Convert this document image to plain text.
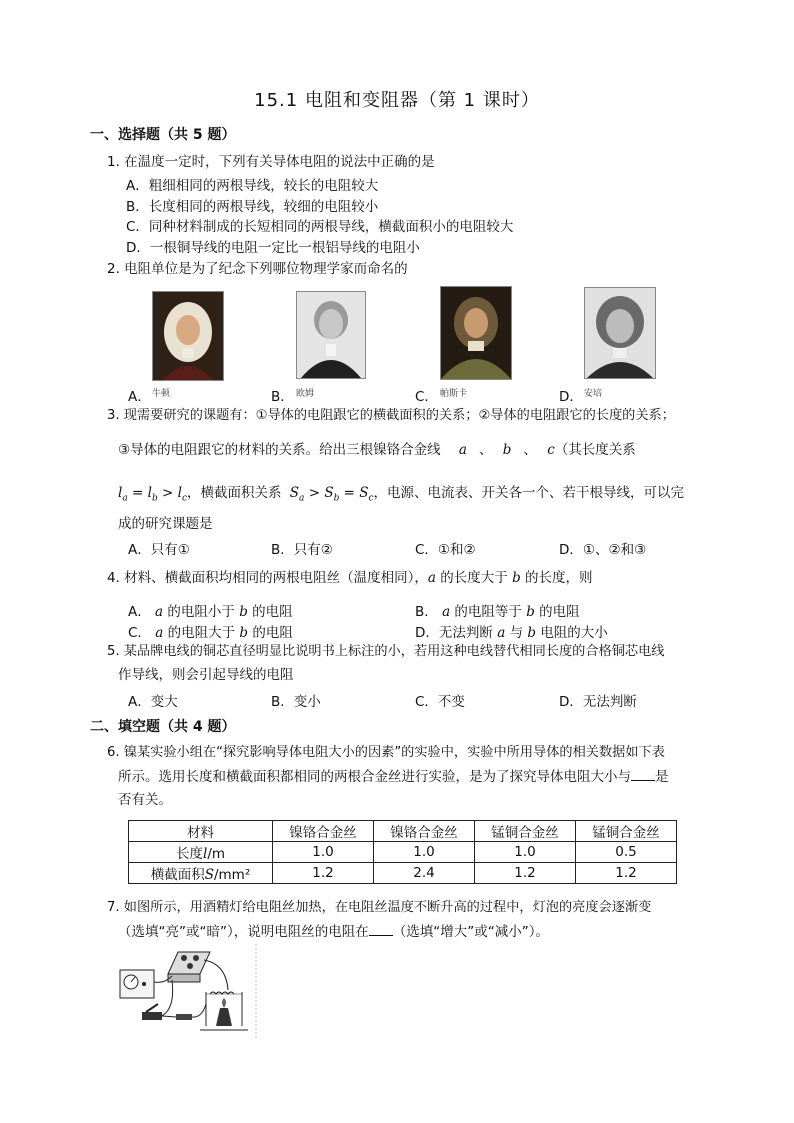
15.1 电阻和变阻器（第 1 课时）
一、选择题（共 5 题）
1. 在温度一定时，下列有关导体电阻的说法中正确的是
A．粗细相同的两根导线，较长的电阻较大
B．长度相同的两根导线，较细的电阻较小
C．同种材料制成的长短相同的两根导线，横截面积小的电阻较大
D．一根铜导线的电阻一定比一根铝导线的电阻小
2. 电阻单位是为了纪念下列哪位物理学家而命名的
A． 牛顿	B． 欧姆	C． 帕斯卡	D． 安培
3. 现需要研究的课题有：①导体的电阻跟它的横截面积的关系；②导体的电阻跟它的长度的关系；
③导体的电阻跟它的材料的关系。给出三根镍铬合金线 a 、 b 、 c（其长度关系
$l_a = l_b > l_c$，横截面积关系 $S_a > S_b = S_c$，电源、电流表、开关各一个、若干根导线，可以完
成的研究课题是
A．只有①	B．只有②	C．①和②	D．①、②和③
4. 材料、横截面积均相同的两根电阻丝（温度相同），a 的长度大于 b 的长度，则
A． a 的电阻小于 b 的电阻	B． a 的电阻等于 b 的电阻
C． a 的电阻大于 b 的电阻	D．无法判断 a 与 b 电阻的大小
5. 某品牌电线的铜芯直径明显比说明书上标注的小，若用这种电线替代相同长度的合格铜芯电线
作导线，则会引起导线的电阻
A．变大	B．变小	C．不变	D．无法判断
二、填空题（共 4 题）
6. 镍某实验小组在“探究影响导体电阻大小的因素”的实验中，实验中所用导体的相关数据如下表
所示。选用长度和横截面积都相同的两根合金丝进行实验，是为了探究导体电阻大小与 是
否有关。
材料	镍铬合金丝	镍铬合金丝	锰铜合金丝	锰铜合金丝
长度l/m	1.0	1.0	1.0	0.5
横截面积S/mm²	1.2	2.4	1.2	1.2
7. 如图所示，用酒精灯给电阻丝加热，在电阻丝温度不断升高的过程中，灯泡的亮度会逐渐变
（选填“亮”或“暗”），说明电阻丝的电阻在 （选填“增大”或“减小”）。
